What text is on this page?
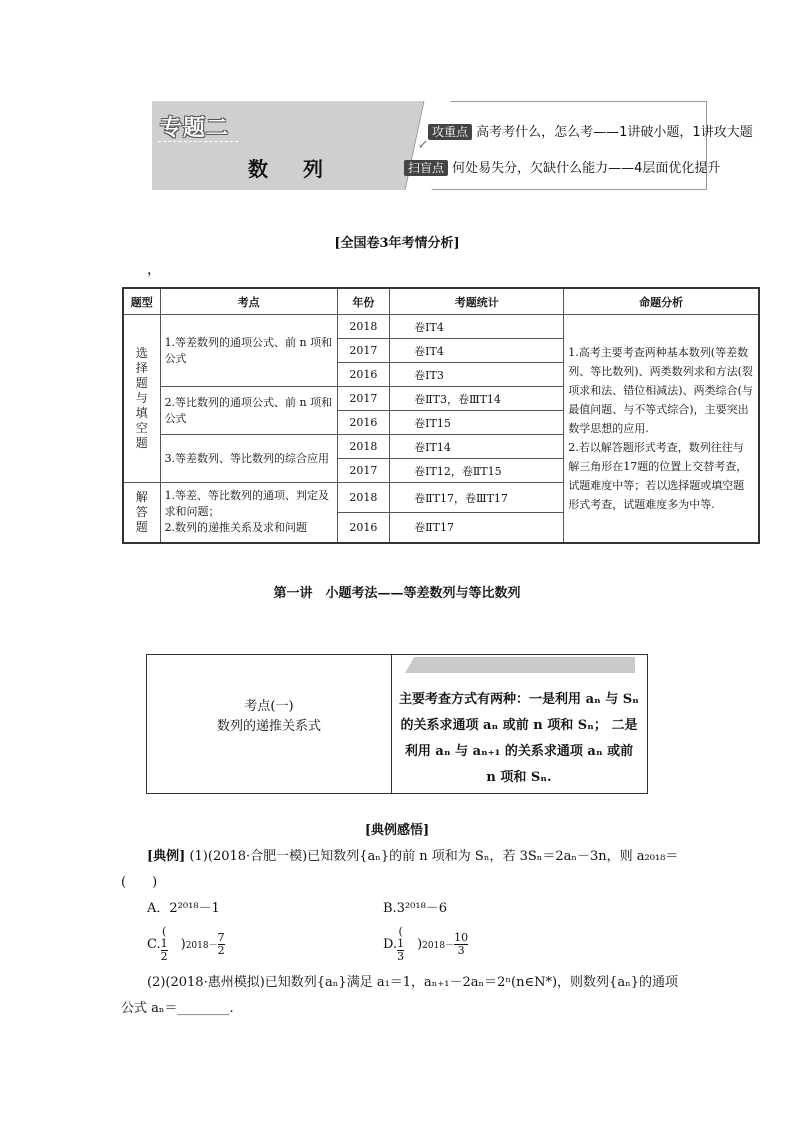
专题二
数 列
攻重点 高考考什么，怎么考——1讲破小题，1讲攻大题
↙
扫盲点 何处易失分，欠缺什么能力——4层面优化提升
[全国卷3年考情分析]
，
题型	考点	年份	考题统计	命题分析
选择题与填空题	1.等差数列的通项公式、前 n 项和公式	2018	卷ⅠT4	1.高考主要考查两种基本数列(等差数列、等比数列)、两类数列求和方法(裂项求和法、错位相减法)、两类综合(与最值问题、与不等式综合)，主要突出数学思想的应用.
2.若以解答题形式考查，数列往往与解三角形在17题的位置上交替考查，试题难度中等；若以选择题或填空题形式考查，试题难度多为中等.

		2017	卷ⅠT4	
		2016	卷ⅠT3	
	2.等比数列的通项公式、前 n 项和公式	2017	卷ⅡT3，卷ⅢT14	
		2016	卷ⅠT15	
	3.等差数列、等比数列的综合应用	2018	卷ⅠT14	
		2017	卷ⅠT12，卷ⅡT15	
解答题	1.等差、等比数列的通项、判定及求和问题；
2.数列的递推关系及求和问题	2018	卷ⅡT17，卷ⅢT17	
		2016	卷ⅡT17	
第一讲　小题考法——等差数列与等比数列
考点(一)
数列的递推关系式
主要考查方式有两种：一是利用 aₙ 与 Sₙ 的关系求通项 aₙ 或前 n 项和 Sₙ； 二是利用 aₙ 与 aₙ₊₁ 的关系求通项 aₙ 或前 n 项和 Sₙ.
[典例感悟]
[典例] (1)(2018·合肥一模)已知数列{aₙ}的前 n 项和为 Sₙ，若 3Sₙ＝2aₙ－3n，则 a₂₀₁₈＝
(　　)
A．2²⁰¹⁸－1	B.3²⁰¹⁸－6
C.(
1
2
 )$2018- \frac{7}{2}$	D.(
1
3
 )$2018- \frac{10}{3}$
(2)(2018·惠州模拟)已知数列{aₙ}满足 a₁＝1，aₙ₊₁－2aₙ＝2ⁿ(n∈N*)，则数列{aₙ}的通项
公式 aₙ＝________.
